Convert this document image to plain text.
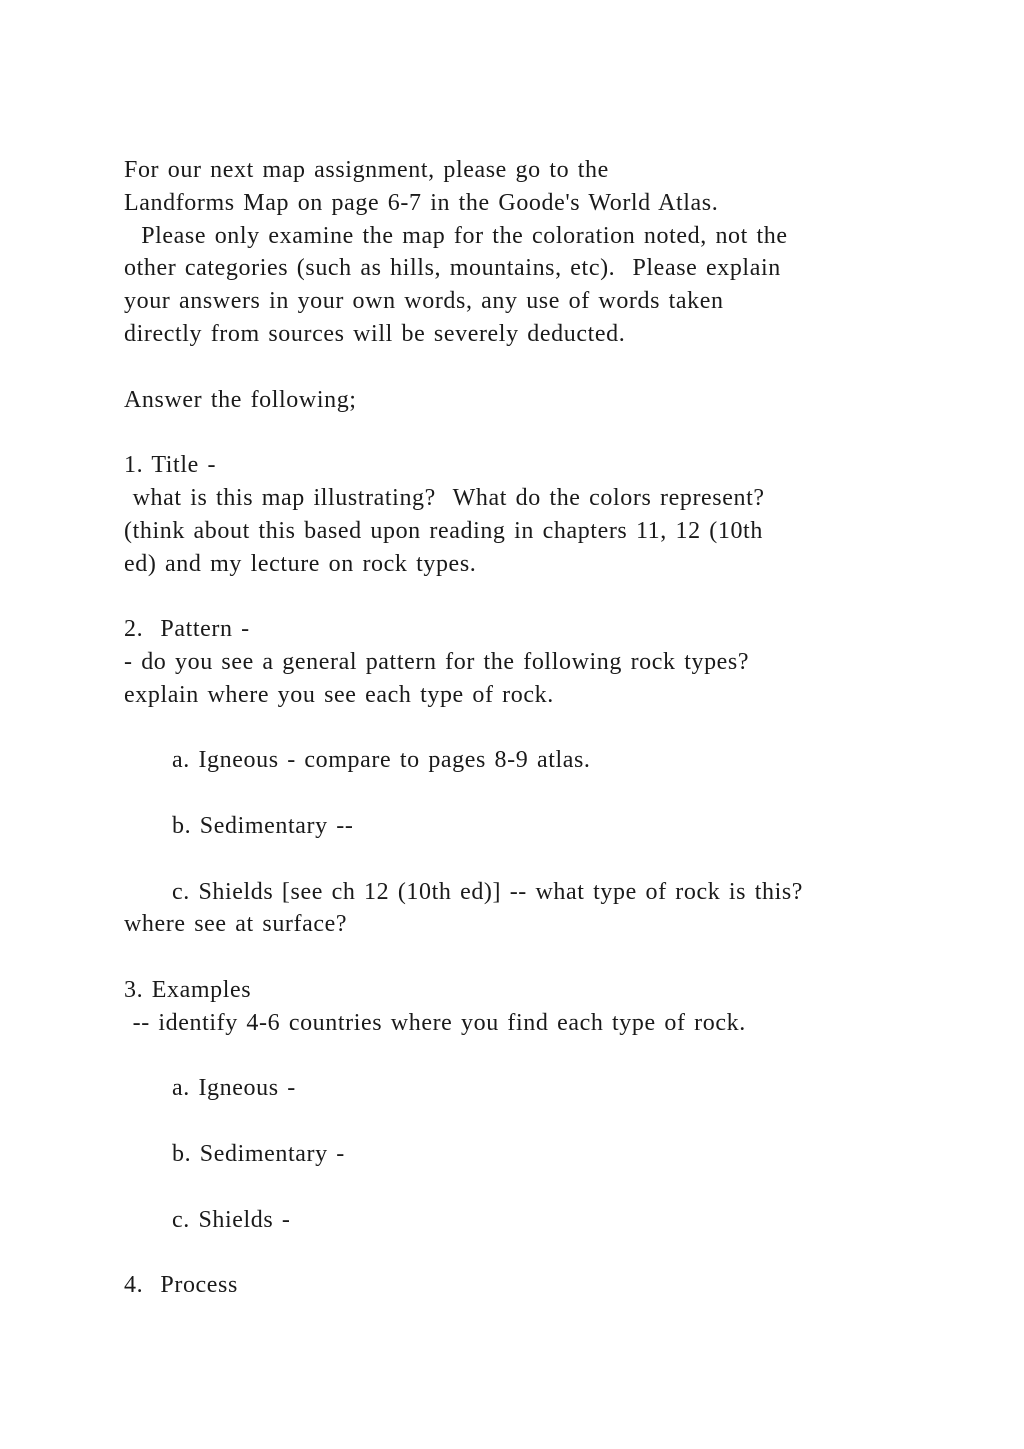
For our next map assignment, please go to the
Landforms Map on page 6-7 in the Goode's World Atlas.
Please only examine the map for the coloration noted, not the
other categories (such as hills, mountains, etc).  Please explain
your answers in your own words, any use of words taken
directly from sources will be severely deducted.
Answer the following;
1. Title -
what is this map illustrating?  What do the colors represent?
(think about this based upon reading in chapters 11, 12 (10th
ed) and my lecture on rock types.
2.  Pattern -
- do you see a general pattern for the following rock types?
explain where you see each type of rock.
a. Igneous - compare to pages 8-9 atlas.
b. Sedimentary --
c. Shields [see ch 12 (10th ed)] -- what type of rock is this?
where see at surface?
3. Examples
-- identify 4-6 countries where you find each type of rock.
a. Igneous -
b. Sedimentary -
c. Shields -
4.  Process
